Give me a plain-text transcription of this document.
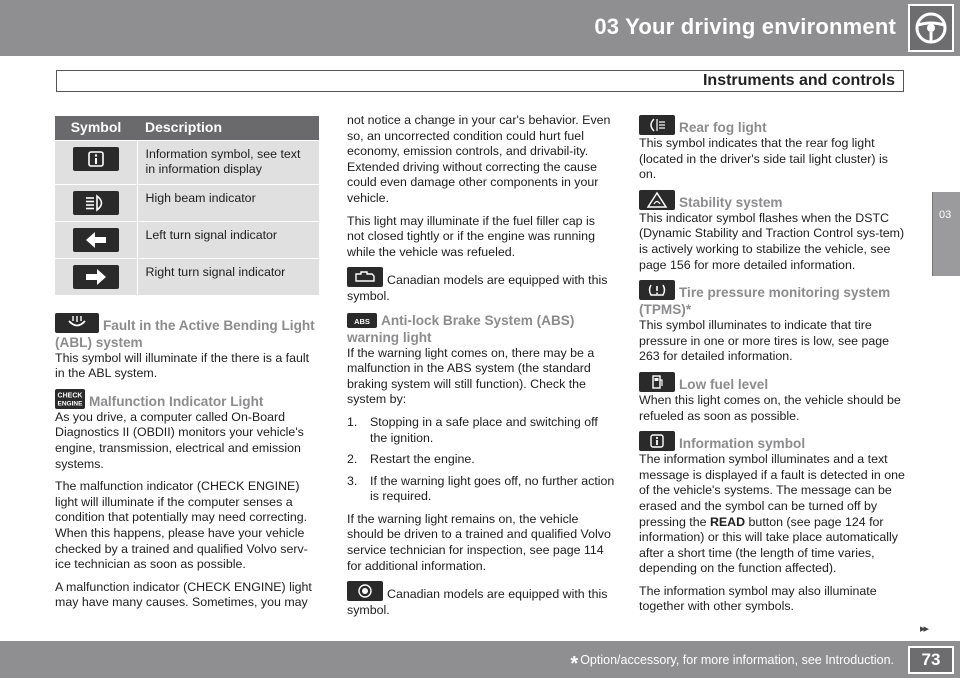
03 Your driving environment
Instruments and controls
03
Symbol	Description

	Information symbol, see text in information display

	High beam indicator

	Left turn signal indicator

	Right turn signal indicator
Fault in the Active Bending Light
(ABL) system

This symbol will illuminate if the there is a fault in the ABL system.

CHECK
ENGINE Malfunction Indicator Light

As you drive, a computer called On-Board Diagnostics II (OBDII) monitors your vehicle's engine, transmission, electrical and emission systems.

The malfunction indicator (CHECK ENGINE) light will illuminate if the computer senses a condition that potentially may need correcting. When this happens, please have your vehicle checked by a trained and qualified Volvo serv-ice technician as soon as possible.

A malfunction indicator (CHECK ENGINE) light may have many causes. Sometimes, you may

not notice a change in your car's behavior. Even so, an uncorrected condition could hurt fuel economy, emission controls, and drivabil-ity. Extended driving without correcting the cause could even damage other components in your vehicle.

This light may illuminate if the fuel filler cap is not closed tightly or if the engine was running while the vehicle was refueled.

Canadian models are equipped with this symbol.

ABS Anti-lock Brake System (ABS)
warning light

If the warning light comes on, there may be a malfunction in the ABS system (the standard braking system will still function). Check the system by:

1. Stopping in a safe place and switching off the ignition.
2. Restart the engine.
3. If the warning light goes off, no further action is required.

If the warning light remains on, the vehicle should be driven to a trained and qualified Volvo service technician for inspection, see page 114 for additional information.

Canadian models are equipped with this symbol.

Rear fog light

This symbol indicates that the rear fog light (located in the driver's side tail light cluster) is on.

Stability system

This indicator symbol flashes when the DSTC (Dynamic Stability and Traction Control sys-tem) is actively working to stabilize the vehicle, see page 156 for more detailed information.

Tire pressure monitoring system
(TPMS)*

This symbol illuminates to indicate that tire pressure in one or more tires is low, see page 263 for detailed information.

Low fuel level

When this light comes on, the vehicle should be refueled as soon as possible.

Information symbol

The information symbol illuminates and a text message is displayed if a fault is detected in one of the vehicle's systems. The message can be erased and the symbol can be turned off by pressing the READ button (see page 124 for information) or this will take place automatically after a short time (the length of time varies, depending on the function affected).

The information symbol may also illuminate together with other symbols.

▸▸
* Option/accessory, for more information, see Introduction.	73
